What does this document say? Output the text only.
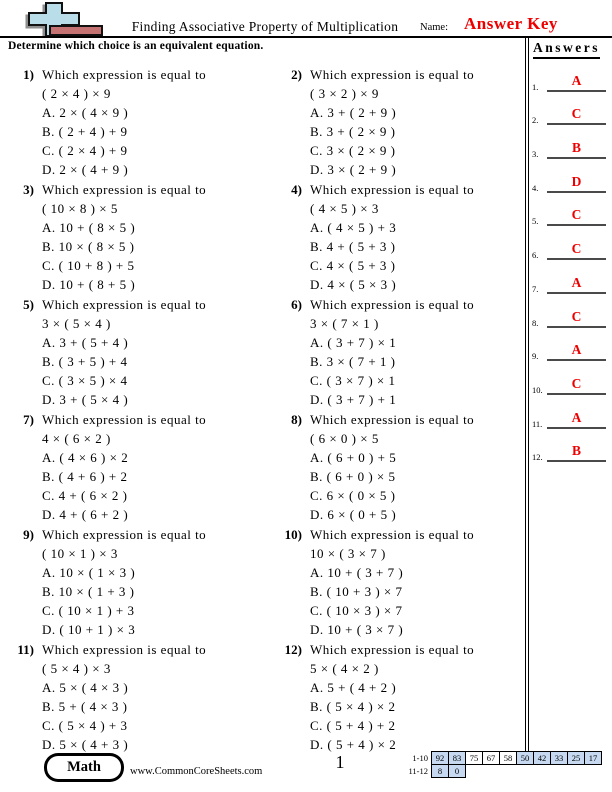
Finding Associative Property of Multiplication	Name: Answer Key
Determine which choice is an equivalent equation.
1) Which expression is equal to
( 2 × 4 ) × 9
A. 2 × ( 4 × 9 )
B. ( 2 + 4 ) + 9
C. ( 2 × 4 ) + 9
D. 2 × ( 4 + 9 )
2) Which expression is equal to
( 3 × 2 ) × 9
A. 3 + ( 2 + 9 )
B. 3 + ( 2 × 9 )
C. 3 × ( 2 × 9 )
D. 3 × ( 2 + 9 )
3) Which expression is equal to
( 10 × 8 ) × 5
A. 10 + ( 8 × 5 )
B. 10 × ( 8 × 5 )
C. ( 10 + 8 ) + 5
D. 10 + ( 8 + 5 )
4) Which expression is equal to
( 4 × 5 ) × 3
A. ( 4 × 5 ) + 3
B. 4 + ( 5 + 3 )
C. 4 × ( 5 + 3 )
D. 4 × ( 5 × 3 )
5) Which expression is equal to
3 × ( 5 × 4 )
A. 3 + ( 5 + 4 )
B. ( 3 + 5 ) + 4
C. ( 3 × 5 ) × 4
D. 3 + ( 5 × 4 )
6) Which expression is equal to
3 × ( 7 × 1 )
A. ( 3 + 7 ) × 1
B. 3 × ( 7 + 1 )
C. ( 3 × 7 ) × 1
D. ( 3 + 7 ) + 1
7) Which expression is equal to
4 × ( 6 × 2 )
A. ( 4 × 6 ) × 2
B. ( 4 + 6 ) + 2
C. 4 + ( 6 × 2 )
D. 4 + ( 6 + 2 )
8) Which expression is equal to
( 6 × 0 ) × 5
A. ( 6 + 0 ) + 5
B. ( 6 + 0 ) × 5
C. 6 × ( 0 × 5 )
D. 6 × ( 0 + 5 )
9) Which expression is equal to
( 10 × 1 ) × 3
A. 10 × ( 1 × 3 )
B. 10 × ( 1 + 3 )
C. ( 10 × 1 ) + 3
D. ( 10 + 1 ) × 3
10) Which expression is equal to
10 × ( 3 × 7 )
A. 10 + ( 3 + 7 )
B. ( 10 + 3 ) × 7
C. ( 10 × 3 ) × 7
D. 10 + ( 3 × 7 )
11) Which expression is equal to
( 5 × 4 ) × 3
A. 5 × ( 4 × 3 )
B. 5 + ( 4 × 3 )
C. ( 5 × 4 ) + 3
D. 5 × ( 4 + 3 )
12) Which expression is equal to
5 × ( 4 × 2 )
A. 5 + ( 4 + 2 )
B. ( 5 × 4 ) × 2
C. ( 5 + 4 ) + 2
D. ( 5 + 4 ) × 2
Answers
1.	A
2.	C
3.	B
4.	D
5.	C
6.	C
7.	A
8.	C
9.	A
10.	C
11.	A
12.	B
Math	www.CommonCoreSheets.com	1	1-10 92	83	75	67	58	50	42	33	25	17
11-12	8	0
